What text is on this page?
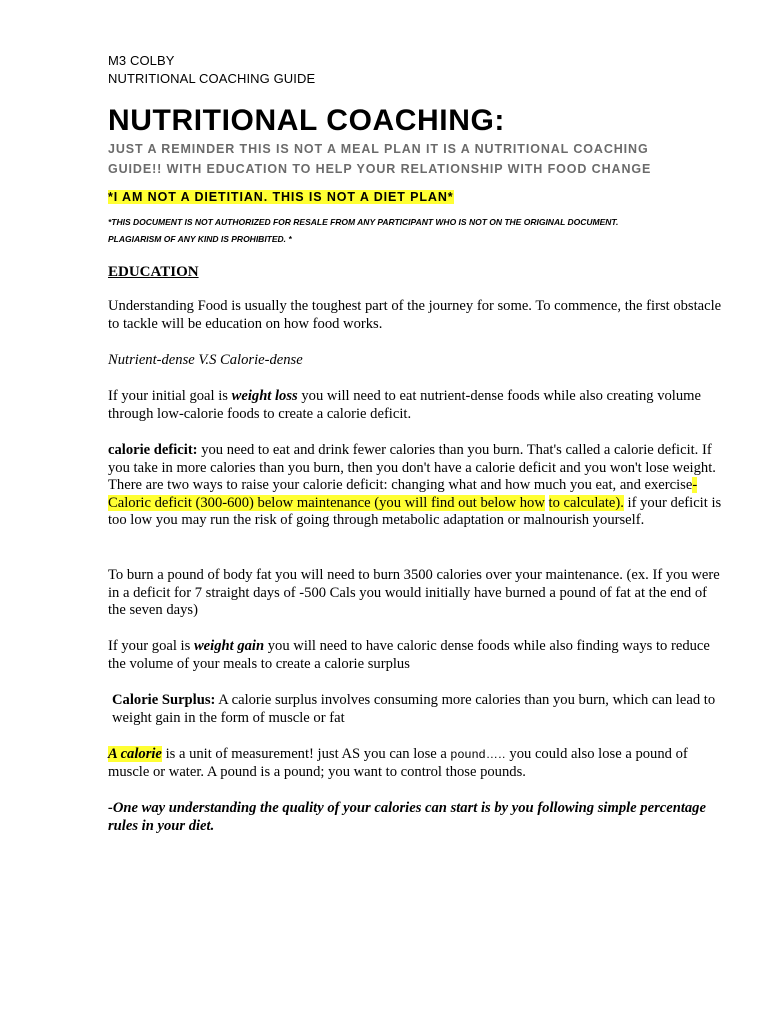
M3 COLBY
NUTRITIONAL COACHING GUIDE
NUTRITIONAL COACHING:
JUST A REMINDER THIS IS NOT A MEAL PLAN IT IS A NUTRITIONAL COACHING
GUIDE!! WITH EDUCATION TO HELP YOUR RELATIONSHIP WITH FOOD CHANGE
*I AM NOT A DIETITIAN. THIS IS NOT A DIET PLAN*
*THIS DOCUMENT IS NOT AUTHORIZED FOR RESALE FROM ANY PARTICIPANT WHO IS NOT ON THE ORIGINAL DOCUMENT.
PLAGIARISM OF ANY KIND IS PROHIBITED. *
EDUCATION

Understanding Food is usually the toughest part of the journey for some. To commence, the first obstacle to tackle will be education on how food works.

Nutrient-dense V.S Calorie-dense

If your initial goal is weight loss you will need to eat nutrient-dense foods while also creating volume through low-calorie foods to create a calorie deficit.

calorie deficit: you need to eat and drink fewer calories than you burn. That's called a calorie deficit. If you take in more calories than you burn, then you don't have a calorie deficit and you won't lose weight. There are two ways to raise your calorie deficit: changing what and how much you eat, and exercise-Caloric deficit (300-600) below maintenance (you will find out below how to calculate). if your deficit is too low you may run the risk of going through metabolic adaptation or malnourish yourself.

To burn a pound of body fat you will need to burn 3500 calories over your maintenance. (ex. If you were in a deficit for 7 straight days of -500 Cals you would initially have burned a pound of fat at the end of the seven days)

If your goal is weight gain you will need to have caloric dense foods while also finding ways to reduce the volume of your meals to create a calorie surplus

Calorie Surplus: A calorie surplus involves consuming more calories than you burn, which can lead to weight gain in the form of muscle or fat

A calorie is a unit of measurement! just AS you can lose a pound….. you could also lose a pound of muscle or water. A pound is a pound; you want to control those pounds.

-One way understanding the quality of your calories can start is by you following simple percentage rules in your diet.
